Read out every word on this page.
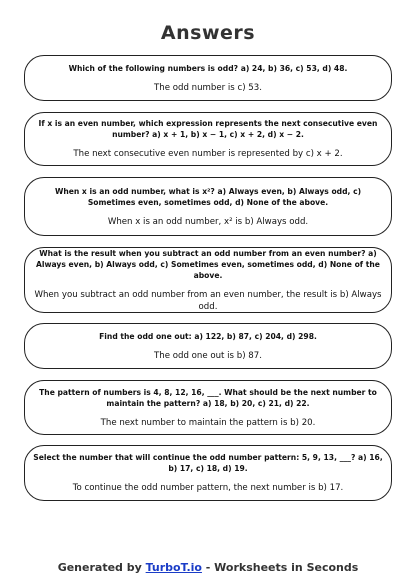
Answers
Which of the following numbers is odd? a) 24, b) 36, c) 53, d) 48.
The odd number is c) 53.
If x is an even number, which expression represents the next consecutive even number? a) x + 1, b) x − 1, c) x + 2, d) x − 2.
The next consecutive even number is represented by c) x + 2.
When x is an odd number, what is x²? a) Always even, b) Always odd, c) Sometimes even, sometimes odd, d) None of the above.
When x is an odd number, x² is b) Always odd.
What is the result when you subtract an odd number from an even number? a) Always even, b) Always odd, c) Sometimes even, sometimes odd, d) None of the above.
When you subtract an odd number from an even number, the result is b) Always odd.
Find the odd one out: a) 122, b) 87, c) 204, d) 298.
The odd one out is b) 87.
The pattern of numbers is 4, 8, 12, 16, ___. What should be the next number to maintain the pattern? a) 18, b) 20, c) 21, d) 22.
The next number to maintain the pattern is b) 20.
Select the number that will continue the odd number pattern: 5, 9, 13, ___? a) 16, b) 17, c) 18, d) 19.
To continue the odd number pattern, the next number is b) 17.
Generated by TurboT.io - Worksheets in Seconds
